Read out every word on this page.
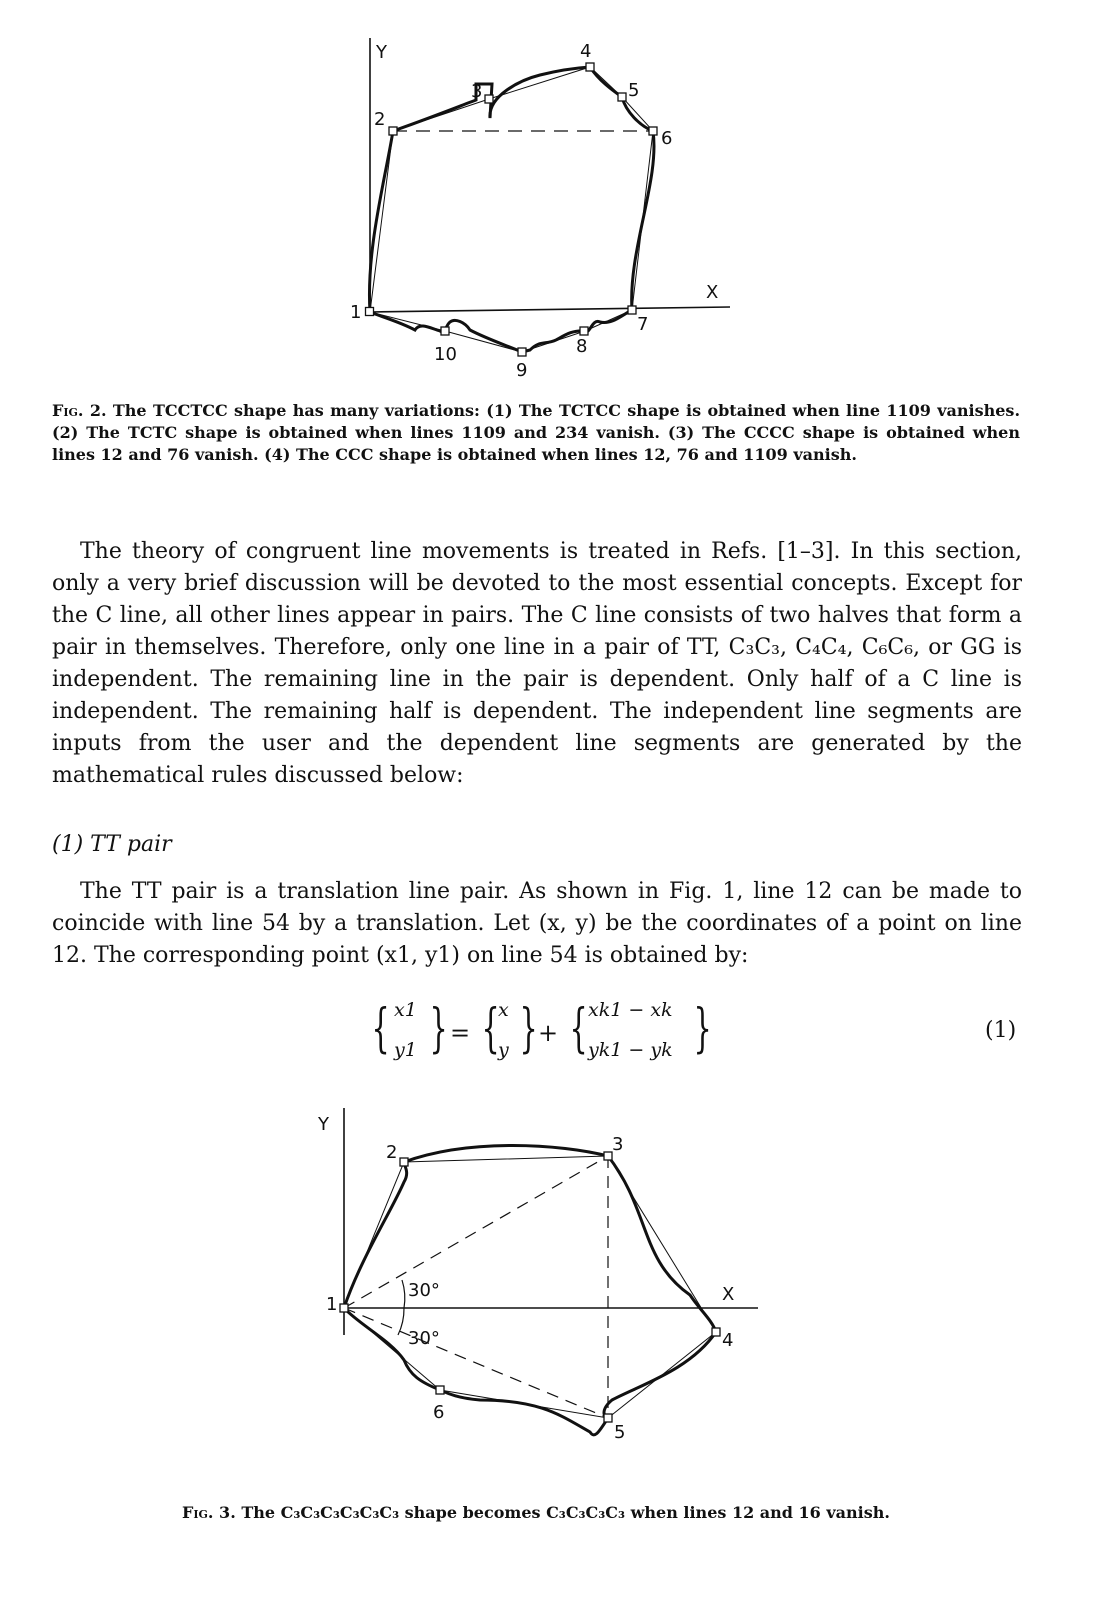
Y
X
1
2
3
4
5
6
7
8
9
10
Fig. 2. The TCCTCC shape has many variations: (1) The TCTCC shape is obtained when line 1109 vanishes. (2) The TCTC shape is obtained when lines 1109 and 234 vanish. (3) The CCCC shape is obtained when lines 12 and 76 vanish. (4) The CCC shape is obtained when lines 12, 76 and 1109 vanish.

The theory of congruent line movements is treated in Refs. [1–3]. In this section, only a very brief discussion will be devoted to the most essential concepts. Except for the C line, all other lines appear in pairs. The C line consists of two halves that form a pair in themselves. Therefore, only one line in a pair of TT, C₃C₃, C₄C₄, C₆C₆, or GG is independent. The remaining line in the pair is dependent. Only half of a C line is independent. The remaining half is dependent. The independent line segments are inputs from the user and the dependent line segments are generated by the mathematical rules discussed below:

(1) TT pair

The TT pair is a translation line pair. As shown in Fig. 1, line 12 can be made to coincide with line 54 by a translation. Let (x, y) be the coordinates of a point on line 12. The corresponding point (x1, y1) on line 54 is obtained by:

{ x1
y1 } = {
x
y } + { xk1 − xk
yk1 − yk }	(1)
Y
X
1
2	3
4
5
6
30°
30°
Fig. 3. The C₃C₃C₃C₃C₃C₃ shape becomes C₃C₃C₃C₃ when lines 12 and 16 vanish.
